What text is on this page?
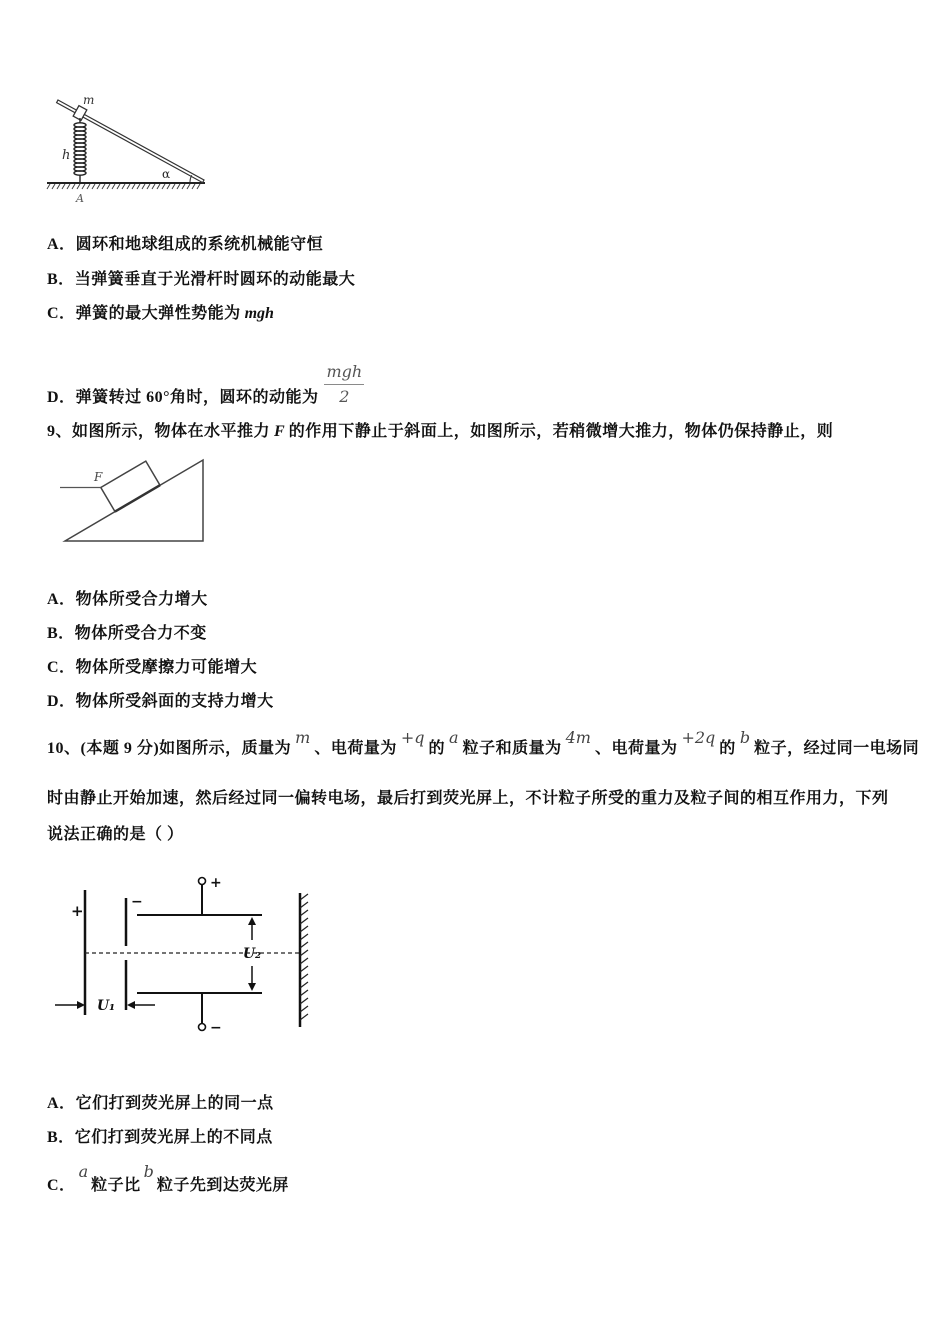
m
h
α
A
A．圆环和地球组成的系统机械能守恒
B．当弹簧垂直于光滑杆时圆环的动能最大
C．弹簧的最大弹性势能为 mgh
D．弹簧转过 60°角时，圆环的动能为 $\frac{\text{mgh}}{2}$
9、如图所示，物体在水平推力 F 的作用下静止于斜面上，如图所示，若稍微增大推力，物体仍保持静止，则
F
A．物体所受合力增大
B．物体所受合力不变
C．物体所受摩擦力可能增大
D．物体所受斜面的支持力增大
10、(本题 9 分)如图所示，质量为m、电荷量为+q的a粒子和质量为4m、电荷量为+2q的b粒子，经过同一电场同
时由静止开始加速，然后经过同一偏转电场，最后打到荧光屏上，不计粒子所受的重力及粒子间的相互作用力，下列
说法正确的是（ ）
+	−
+
−
U₂
U₁
A．它们打到荧光屏上的同一点
B．它们打到荧光屏上的不同点
C．a粒子比b粒子先到达荧光屏
